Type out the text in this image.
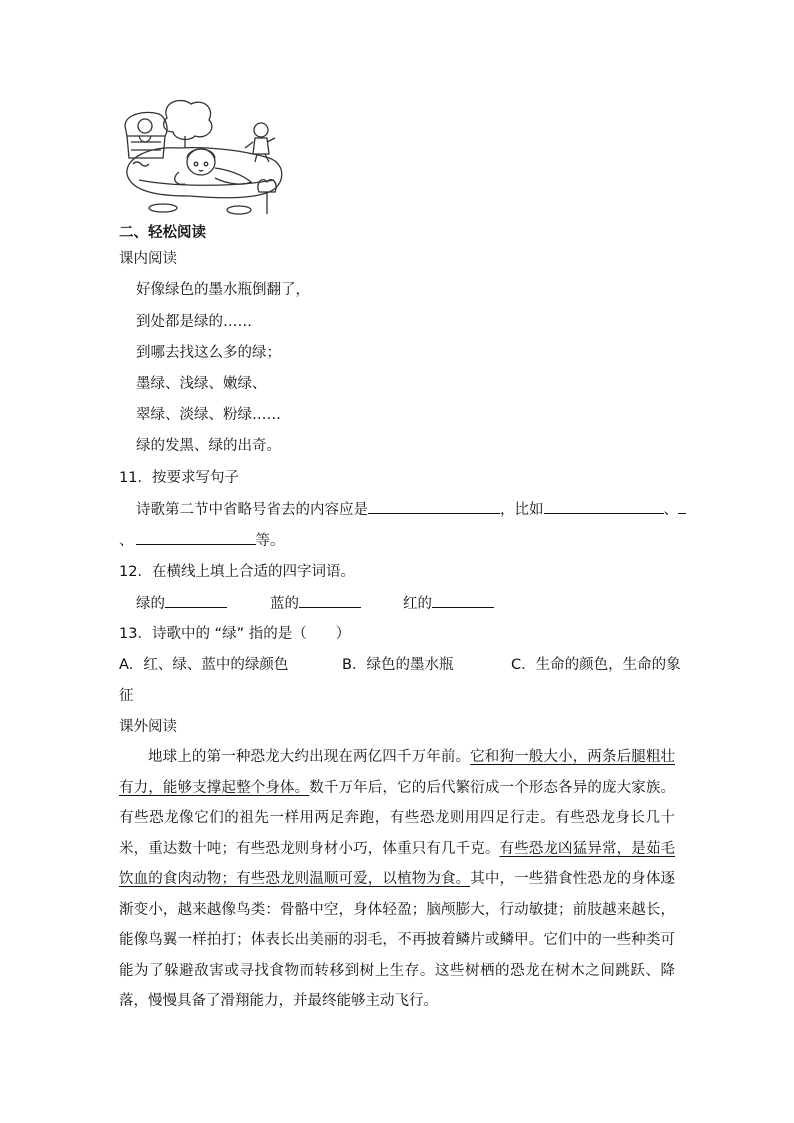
二、轻松阅读
课内阅读
好像绿色的墨水瓶倒翻了，
到处都是绿的……
到哪去找这么多的绿；
墨绿、浅绿、嫩绿、
翠绿、淡绿、粉绿……
绿的发黑、绿的出奇。
11．按要求写句子
诗歌第二节中省略号省去的内容应是	，比如	、
、	等。
12．在横线上填上合适的四字词语。
绿的	蓝的	红的
13．诗歌中的 “绿” 指的是（　　）
A．红、绿、蓝中的绿颜色	B．绿色的墨水瓶	C．生命的颜色，生命的象
征
课外阅读
地球上的第一种恐龙大约出现在两亿四千万年前。它和狗一般大小，两条后腿粗壮有力，能够支撑起整个身体。数千万年后，它的后代繁衍成一个形态各异的庞大家族。有些恐龙像它们的祖先一样用两足奔跑，有些恐龙则用四足行走。有些恐龙身长几十米，重达数十吨；有些恐龙则身材小巧，体重只有几千克。有些恐龙凶猛异常，是茹毛饮血的食肉动物；有些恐龙则温顺可爱，以植物为食。其中，一些猎食性恐龙的身体逐渐变小，越来越像鸟类：骨骼中空，身体轻盈；脑颅膨大，行动敏捷；前肢越来越长，能像鸟翼一样拍打；体表长出美丽的羽毛，不再披着鳞片或鳞甲。它们中的一些种类可能为了躲避敌害或寻找食物而转移到树上生存。这些树栖的恐龙在树木之间跳跃、降落，慢慢具备了滑翔能力，并最终能够主动飞行。
